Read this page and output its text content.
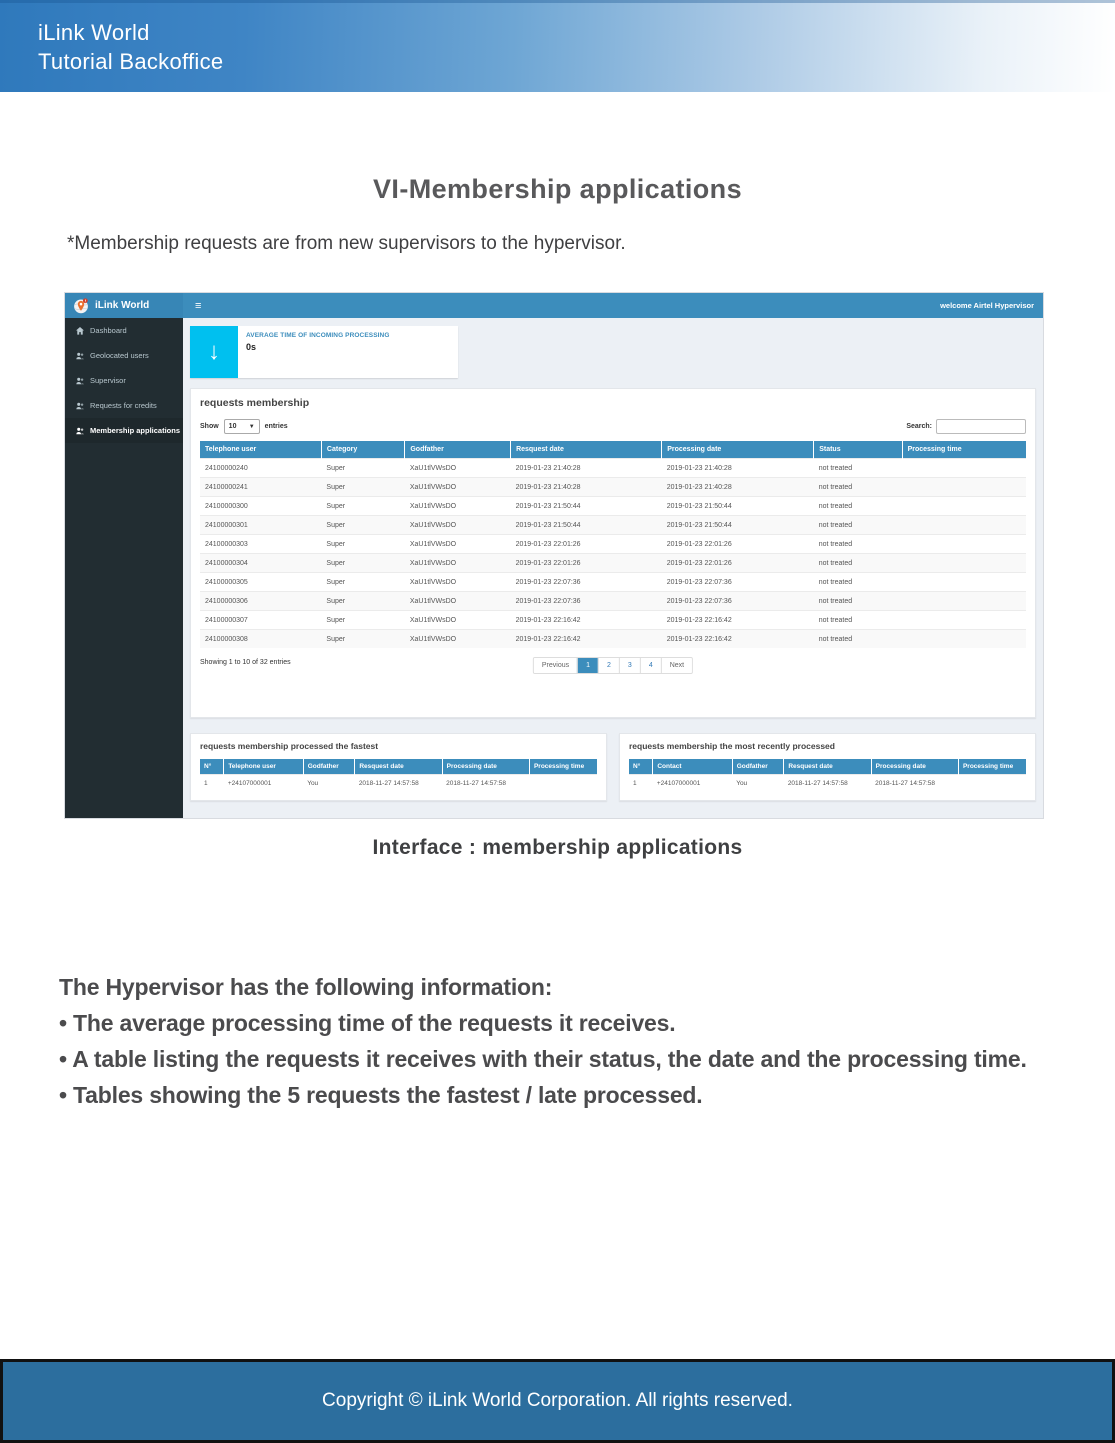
iLink World
Tutorial Backoffice
VI-Membership applications
*Membership requests are from new supervisors to the hypervisor.
iLink World	≡	welcome Airtel Hypervisor
Dashboard
Geolocated users
Supervisor
Requests for credits
Membership applications
↓
AVERAGE TIME OF INCOMING PROCESSING
0s
requests membership
Show 10 ▼ entries	Search:
Telephone user	Category	Godfather	Resquest date	Processing date	Status	Processing time
24100000240	Super	XaU1tlVWsDO	2019-01-23 21:40:28	2019-01-23 21:40:28	not treated	
24100000241	Super	XaU1tlVWsDO	2019-01-23 21:40:28	2019-01-23 21:40:28	not treated	
24100000300	Super	XaU1tlVWsDO	2019-01-23 21:50:44	2019-01-23 21:50:44	not treated	
24100000301	Super	XaU1tlVWsDO	2019-01-23 21:50:44	2019-01-23 21:50:44	not treated	
24100000303	Super	XaU1tlVWsDO	2019-01-23 22:01:26	2019-01-23 22:01:26	not treated	
24100000304	Super	XaU1tlVWsDO	2019-01-23 22:01:26	2019-01-23 22:01:26	not treated	
24100000305	Super	XaU1tlVWsDO	2019-01-23 22:07:36	2019-01-23 22:07:36	not treated	
24100000306	Super	XaU1tlVWsDO	2019-01-23 22:07:36	2019-01-23 22:07:36	not treated	
24100000307	Super	XaU1tlVWsDO	2019-01-23 22:16:42	2019-01-23 22:16:42	not treated	
24100000308	Super	XaU1tlVWsDO	2019-01-23 22:16:42	2019-01-23 22:16:42	not treated	
Showing 1 to 10 of 32 entries	Previous	1	2	3	4	Next
requests membership processed the fastest
N°	Telephone user	Godfather	Resquest date	Processing date	Processing time
1	+24107000001	You	2018-11-27 14:57:58	2018-11-27 14:57:58	
requests membership the most recently processed
N°	Contact	Godfather	Resquest date	Processing date	Processing time
1	+24107000001	You	2018-11-27 14:57:58	2018-11-27 14:57:58	
Interface : membership applications
The Hypervisor has the following information:
• The average processing time of the requests it receives.
• A table listing the requests it receives with their status, the date and the processing time.
• Tables showing the 5 requests the fastest / late processed.
Copyright © iLink World Corporation. All rights reserved.
